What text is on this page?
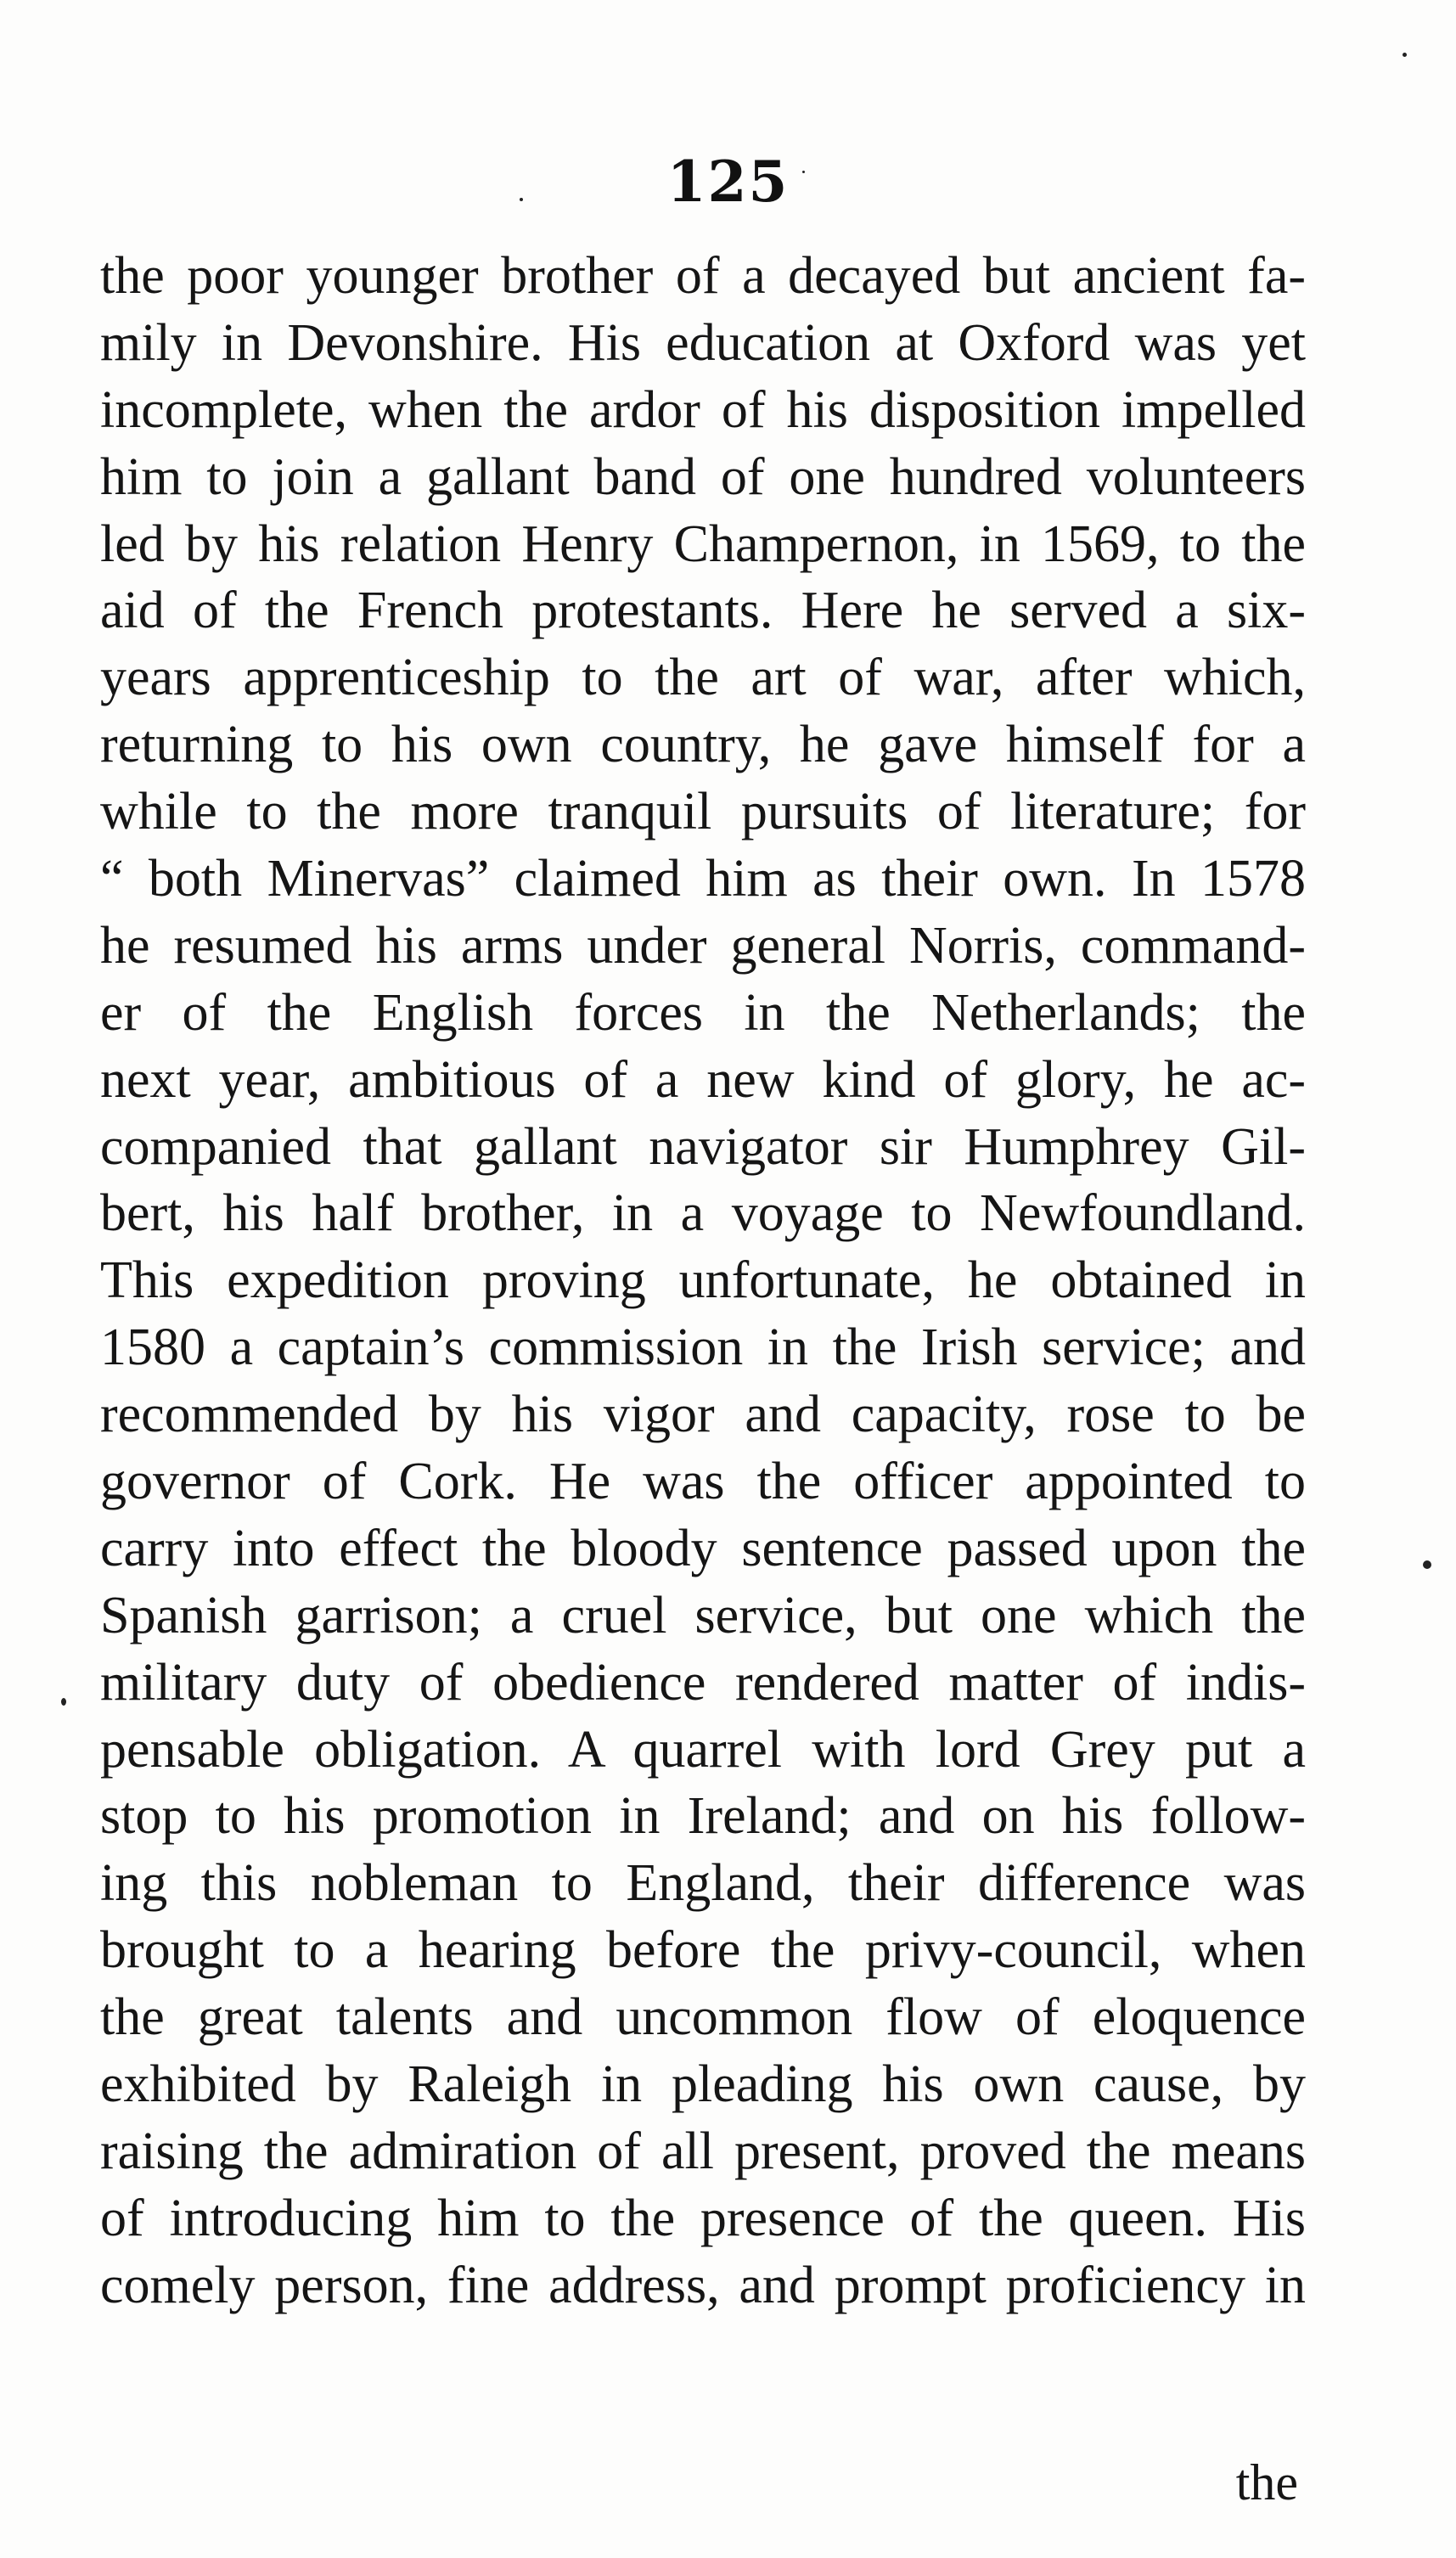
125
the poor younger brother of a decayed but ancient fa-
mily in Devonshire. His education at Oxford was yet
incomplete, when the ardor of his disposition impelled
him to join a gallant band of one hundred volunteers
led by his relation Henry Champernon, in 1569, to the
aid of the French protestants. Here he served a six-
years apprenticeship to the art of war, after which,
returning to his own country, he gave himself for a
while to the more tranquil pursuits of literature; for
“ both Minervas” claimed him as their own. In 1578
he resumed his arms under general Norris, command-
er of the English forces in the Netherlands; the
next year, ambitious of a new kind of glory, he ac-
companied that gallant navigator sir Humphrey Gil-
bert, his half brother, in a voyage to Newfoundland.
This expedition proving unfortunate, he obtained in
1580 a captain’s commission in the Irish service; and
recommended by his vigor and capacity, rose to be
governor of Cork. He was the officer appointed to
carry into effect the bloody sentence passed upon the
Spanish garrison; a cruel service, but one which the
military duty of obedience rendered matter of indis-
pensable obligation. A quarrel with lord Grey put a
stop to his promotion in Ireland; and on his follow-
ing this nobleman to England, their difference was
brought to a hearing before the privy-council, when
the great talents and uncommon flow of eloquence
exhibited by Raleigh in pleading his own cause, by
raising the admiration of all present, proved the means
of introducing him to the presence of the queen. His
comely person, fine address, and prompt proficiency in
the
